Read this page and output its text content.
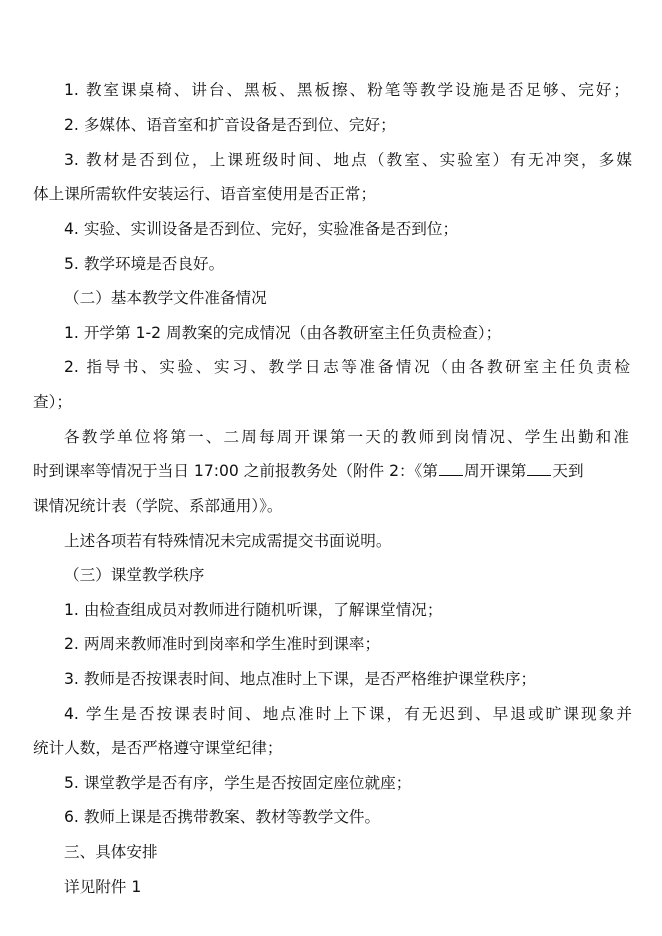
1. 教室课桌椅、讲台、黑板、黑板擦、粉笔等教学设施是否足够、完好；

2. 多媒体、语音室和扩音设备是否到位、完好；

3. 教材是否到位，上课班级时间、地点（教室、实验室）有无冲突，多媒

体上课所需软件安装运行、语音室使用是否正常；

4. 实验、实训设备是否到位、完好，实验准备是否到位；

5. 教学环境是否良好。

（二）基本教学文件准备情况

1. 开学第 1-2 周教案的完成情况（由各教研室主任负责检查）；

2. 指导书、实验、实习、教学日志等准备情况（由各教研室主任负责检

查）；

各教学单位将第一、二周每周开课第一天的教师到岗情况、学生出勤和准

时到课率等情况于当日 17:00 之前报教务处（附件 2：《第 周开课第 天到

课情况统计表（学院、系部通用）》。

上述各项若有特殊情况未完成需提交书面说明。

（三）课堂教学秩序

1. 由检查组成员对教师进行随机听课，了解课堂情况；

2. 两周来教师准时到岗率和学生准时到课率；

3. 教师是否按课表时间、地点准时上下课，是否严格维护课堂秩序；

4. 学生是否按课表时间、地点准时上下课，有无迟到、早退或旷课现象并

统计人数，是否严格遵守课堂纪律；

5. 课堂教学是否有序，学生是否按固定座位就座；

6. 教师上课是否携带教案、教材等教学文件。

三、具体安排

详见附件 1
